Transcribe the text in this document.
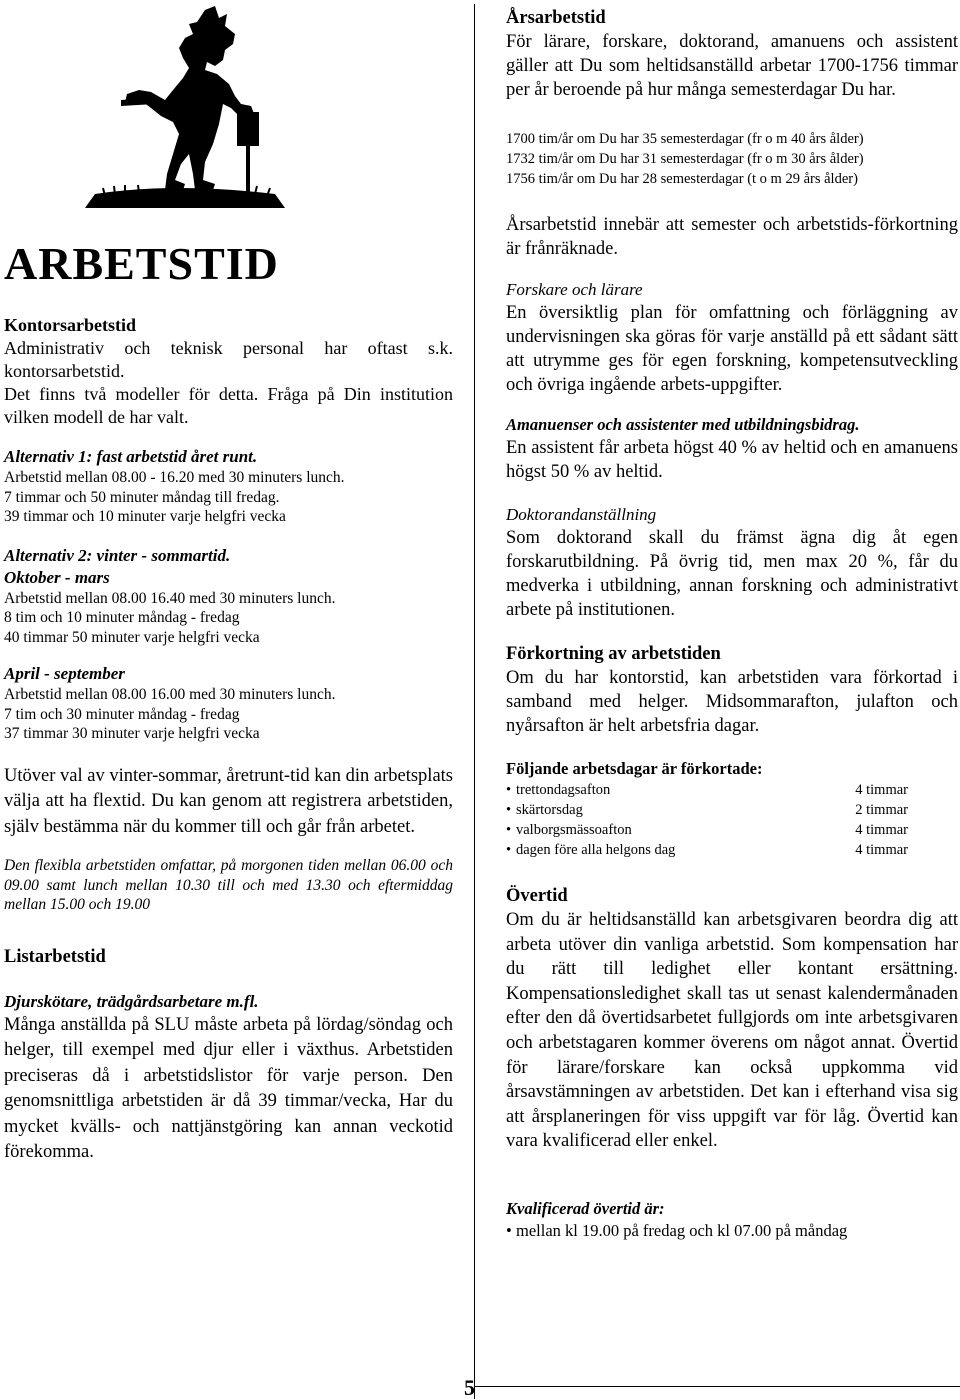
ARBETSTID

Kontorsarbetstid

Administrativ och teknisk personal har oftast s.k. kontorsarbetstid.

Det finns två modeller för detta. Fråga på Din institution vilken modell de har valt.

Alternativ 1: fast arbetstid året runt.

Arbetstid mellan 08.00 - 16.20 med 30 minuters lunch.

7 timmar och 50 minuter måndag till fredag.

39 timmar och 10 minuter varje helgfri vecka

Alternativ 2: vinter - sommartid.

Oktober - mars

Arbetstid mellan 08.00 16.40 med 30 minuters lunch.

8 tim och 10 minuter måndag - fredag

40 timmar 50 minuter varje helgfri vecka

April - september

Arbetstid mellan 08.00 16.00 med 30 minuters lunch.

7 tim och 30 minuter måndag - fredag

37 timmar 30 minuter varje helgfri vecka

Utöver val av vinter-sommar, åretrunt-tid kan din arbetsplats välja att ha flextid. Du kan genom att registrera arbetstiden, själv bestämma när du kommer till och går från arbetet.

Den flexibla arbetstiden omfattar, på morgonen tiden mellan 06.00 och 09.00 samt lunch mellan 10.30 till och med 13.30 och eftermiddag mellan 15.00 och 19.00

Listarbetstid

Djurskötare, trädgårdsarbetare m.fl.

Många anställda på SLU måste arbeta på lördag/söndag och helger, till exempel med djur eller i växthus. Arbetstiden preciseras då i arbetstidslistor för varje person. Den genomsnittliga arbetstiden är då 39 timmar/vecka, Har du mycket kvälls- och nattjänstgöring kan annan veckotid förekomma.

Årsarbetstid

För lärare, forskare, doktorand, amanuens och assistent gäller att Du som heltidsanställd arbetar 1700-1756 timmar per år beroende på hur många semesterdagar Du har.

1700 tim/år om Du har 35 semesterdagar (fr o m 40 års ålder)

1732 tim/år om Du har 31 semesterdagar (fr o m 30 års ålder)

1756 tim/år om Du har 28 semesterdagar (t o m 29 års ålder)

Årsarbetstid innebär att semester och arbetstids-förkortning är frånräknade.

Forskare och lärare

En översiktlig plan för omfattning och förläggning av undervisningen ska göras för varje anställd på ett sådant sätt att utrymme ges för egen forskning, kompetensutveckling och övriga ingående arbets-uppgifter.

Amanuenser och assistenter med utbildningsbidrag.

En assistent får arbeta högst 40 % av heltid och en amanuens högst 50 % av heltid.

Doktorandanställning

Som doktorand skall du främst ägna dig åt egen forskarutbildning. På övrig tid, men max 20 %, får du medverka i utbildning, annan forskning och administrativt arbete på institutionen.

Förkortning av arbetstiden

Om du har kontorstid, kan arbetstiden vara förkortad i samband med helger. Midsommarafton, julafton och nyårsafton är helt arbetsfria dagar.

Följande arbetsdagar är förkortade:

• trettondagsafton	4 timmar
• skärtorsdag	2 timmar
• valborgsmässoafton	4 timmar
• dagen före alla helgons dag	4 timmar

Övertid

Om du är heltidsanställd kan arbetsgivaren beordra dig att arbeta utöver din vanliga arbetstid. Som kompensation har du rätt till ledighet eller kontant ersättning. Kompensationsledighet skall tas ut senast kalendermånaden efter den då övertidsarbetet fullgjords om inte arbetsgivaren och arbetstagaren kommer överens om något annat. Övertid för lärare/forskare kan också uppkomma vid årsavstämningen av arbetstiden. Det kan i efterhand visa sig att årsplaneringen för viss uppgift var för låg. Övertid kan vara kvalificerad eller enkel.

Kvalificerad övertid är:

• mellan kl 19.00 på fredag och kl 07.00 på måndag
5
